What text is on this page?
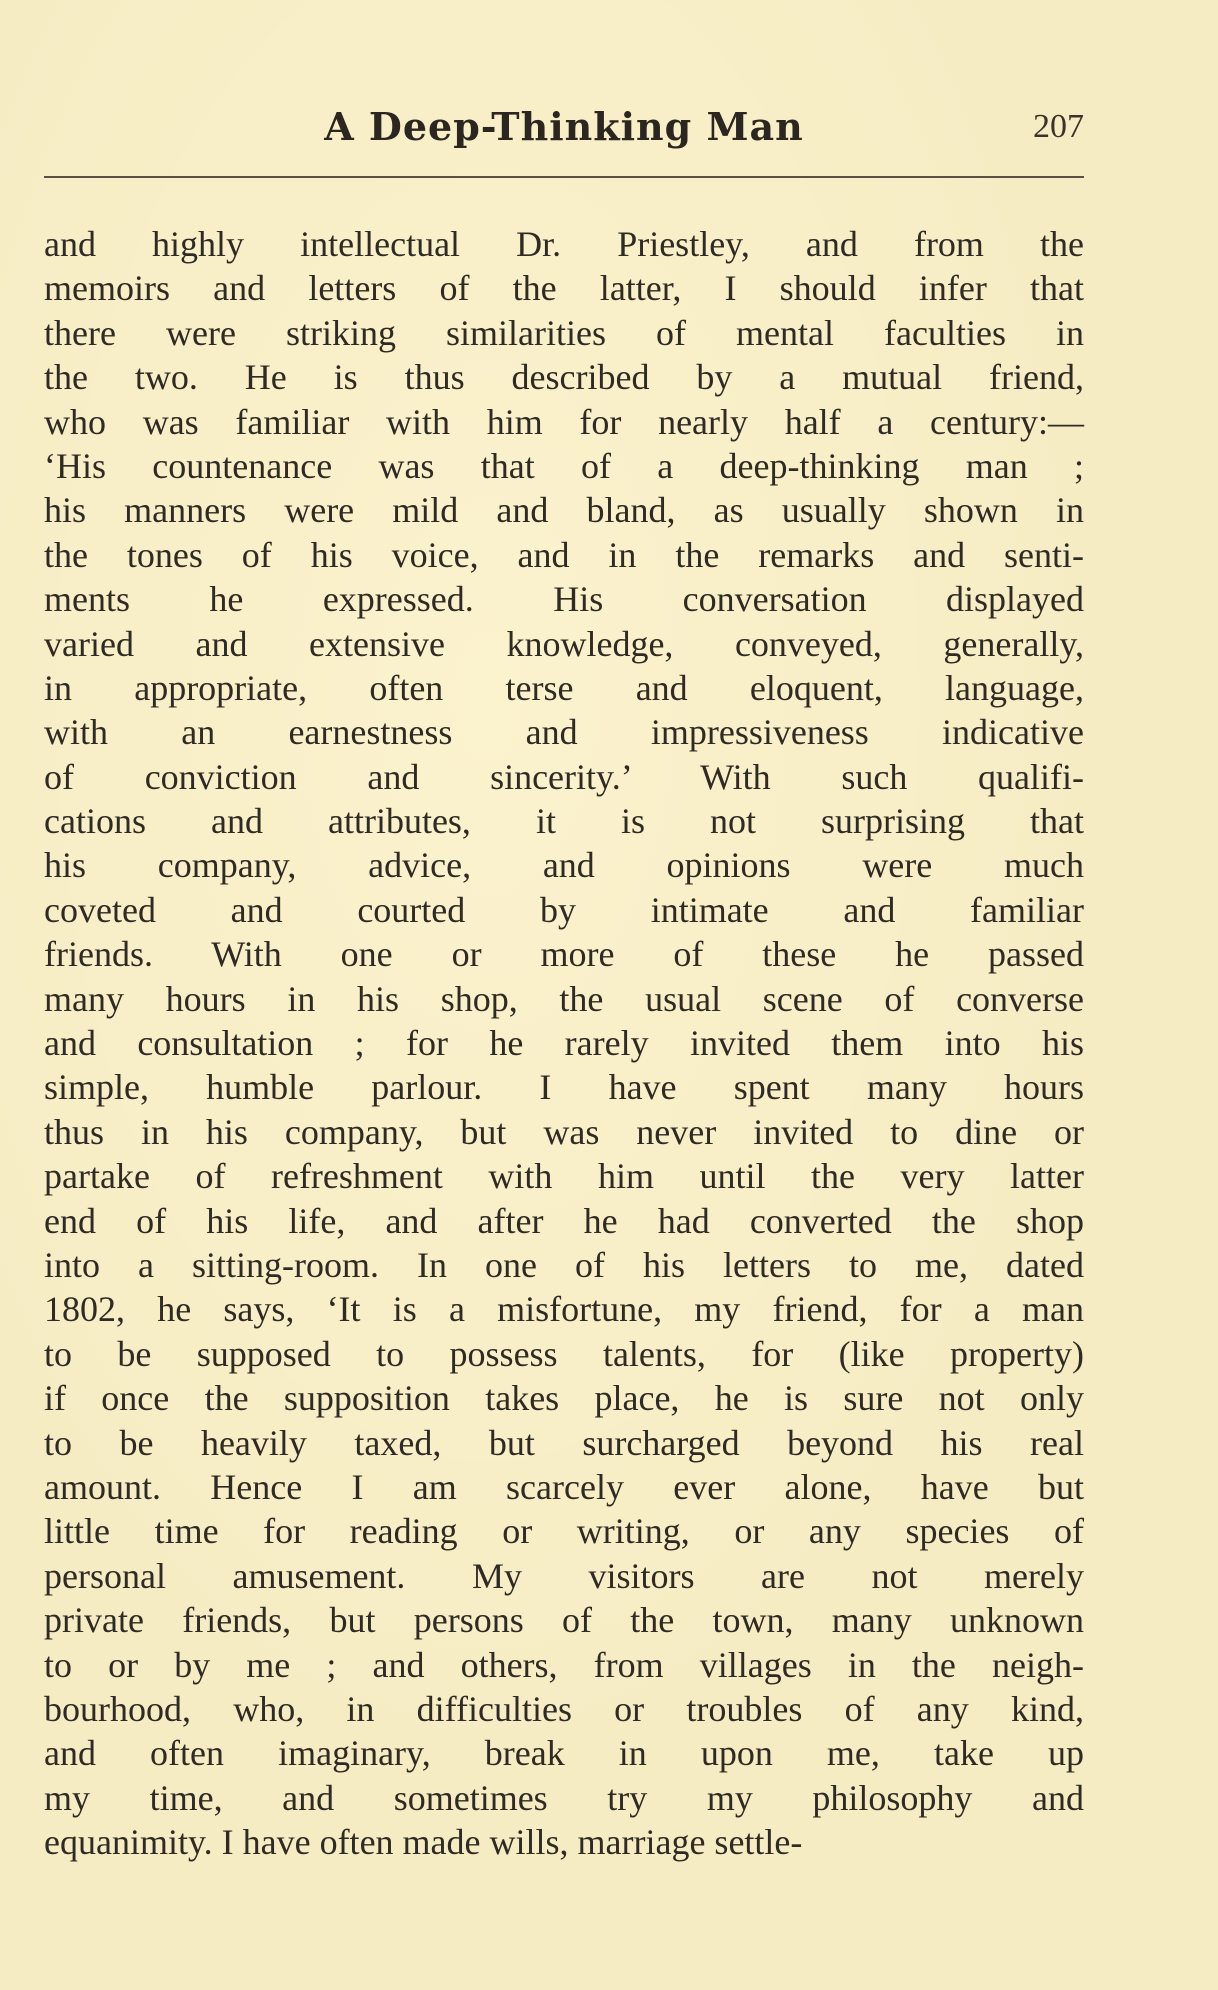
A Deep-Thinking Man	207
and highly intellectual Dr. Priestley, and from the
memoirs and letters of the latter, I should infer that
there were striking similarities of mental faculties in
the two. He is thus described by a mutual friend,
who was familiar with him for nearly half a century:—
‘His countenance was that of a deep-thinking man ;
his manners were mild and bland, as usually shown in
the tones of his voice, and in the remarks and senti-
ments he expressed. His conversation displayed
varied and extensive knowledge, conveyed, generally,
in appropriate, often terse and eloquent, language,
with an earnestness and impressiveness indicative
of conviction and sincerity.’ With such qualifi-
cations and attributes, it is not surprising that
his company, advice, and opinions were much
coveted and courted by intimate and familiar
friends. With one or more of these he passed
many hours in his shop, the usual scene of converse
and consultation ; for he rarely invited them into his
simple, humble parlour. I have spent many hours
thus in his company, but was never invited to dine or
partake of refreshment with him until the very latter
end of his life, and after he had converted the shop
into a sitting-room. In one of his letters to me, dated
1802, he says, ‘It is a misfortune, my friend, for a man
to be supposed to possess talents, for (like property)
if once the supposition takes place, he is sure not only
to be heavily taxed, but surcharged beyond his real
amount. Hence I am scarcely ever alone, have but
little time for reading or writing, or any species of
personal amusement. My visitors are not merely
private friends, but persons of the town, many unknown
to or by me ; and others, from villages in the neigh-
bourhood, who, in difficulties or troubles of any kind,
and often imaginary, break in upon me, take up
my time, and sometimes try my philosophy and
equanimity. I have often made wills, marriage settle-
